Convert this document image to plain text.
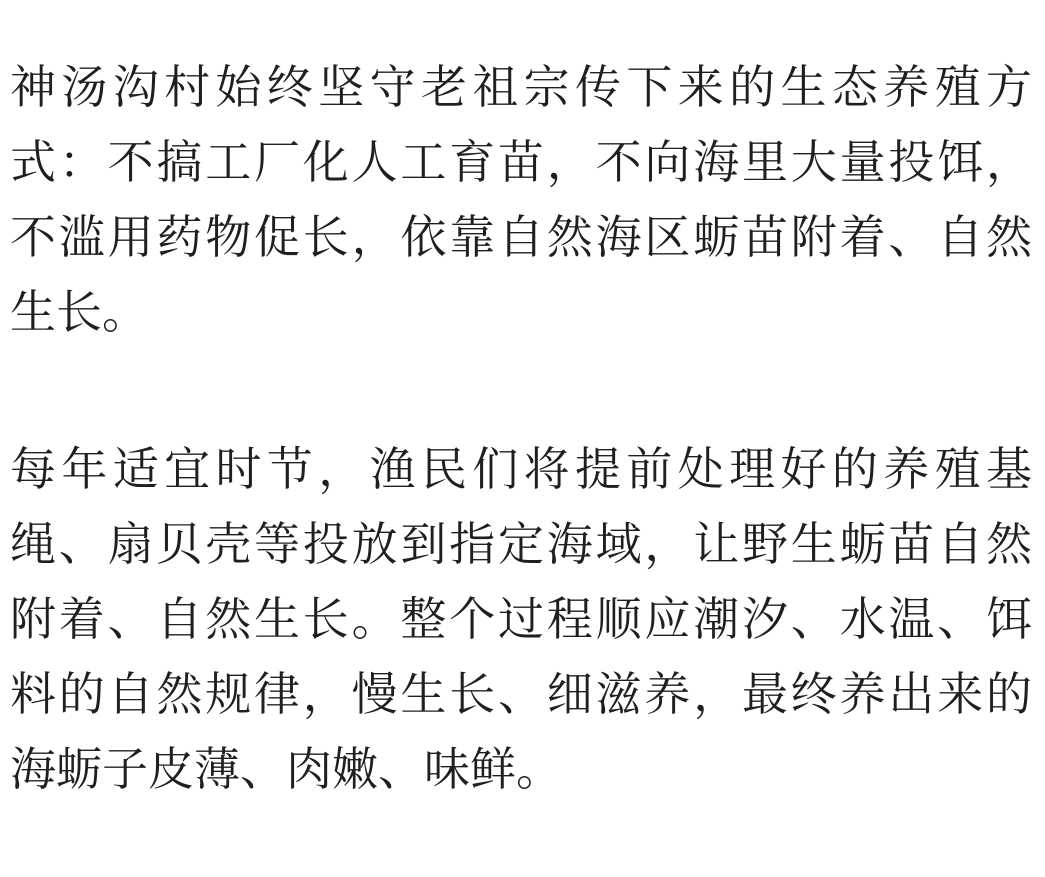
神汤沟村始终坚守老祖宗传下来的生态养殖方
式：不搞工厂化人工育苗，不向海里大量投饵，
不滥用药物促长，依靠自然海区蛎苗附着、自然
生长。
每年适宜时节，渔民们将提前处理好的养殖基
绳、扇贝壳等投放到指定海域，让野生蛎苗自然
附着、自然生长。整个过程顺应潮汐、水温、饵
料的自然规律，慢生长、细滋养，最终养出来的
海蛎子皮薄、肉嫩、味鲜。
